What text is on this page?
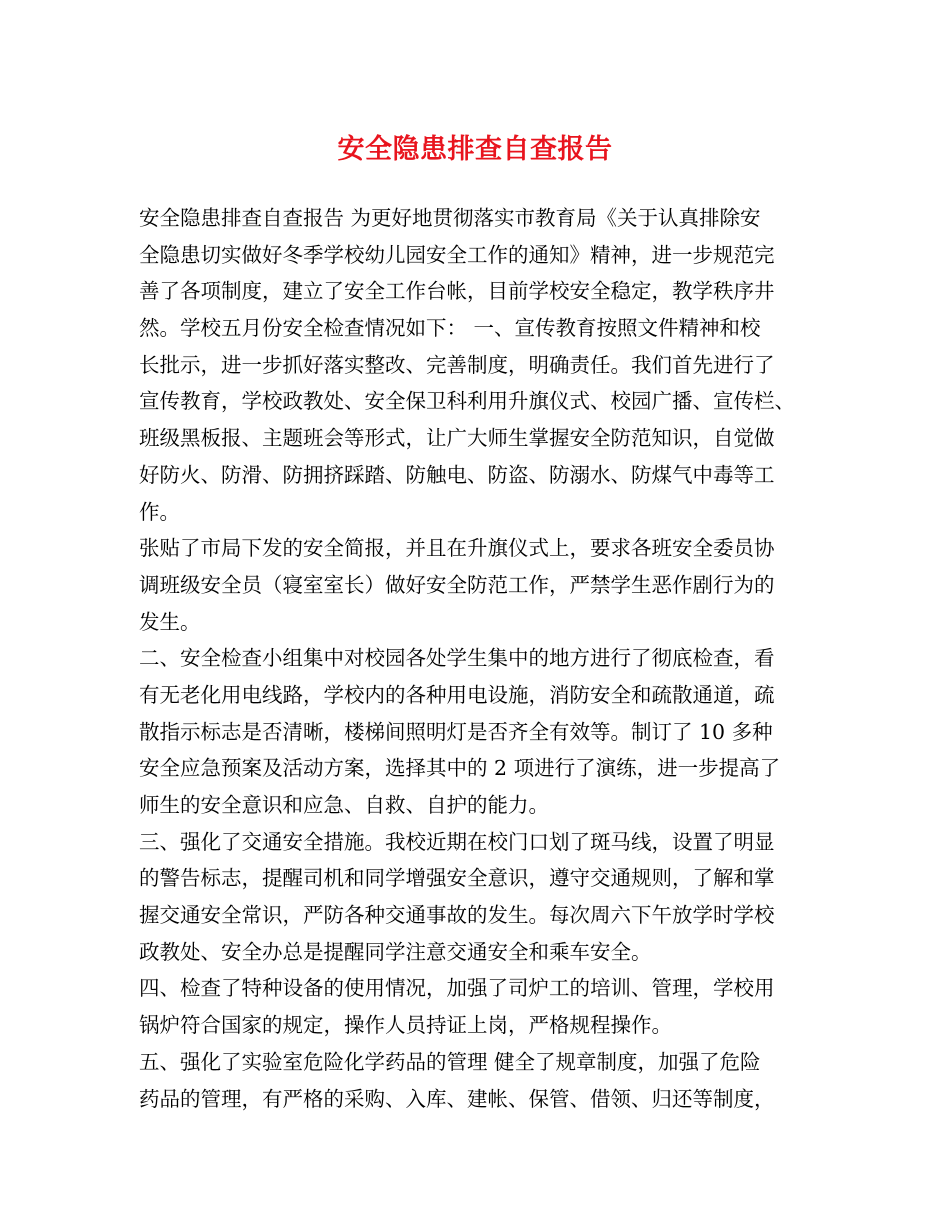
安全隐患排查自查报告
安全隐患排查自查报告 为更好地贯彻落实市教育局《关于认真排除安
全隐患切实做好冬季学校幼儿园安全工作的通知》精神，进一步规范完
善了各项制度，建立了安全工作台帐，目前学校安全稳定，教学秩序井
然。学校五月份安全检查情况如下： 一、宣传教育按照文件精神和校
长批示，进一步抓好落实整改、完善制度，明确责任。我们首先进行了
宣传教育，学校政教处、安全保卫科利用升旗仪式、校园广播、宣传栏、
班级黑板报、主题班会等形式，让广大师生掌握安全防范知识，自觉做
好防火、防滑、防拥挤踩踏、防触电、防盗、防溺水、防煤气中毒等工
作。
张贴了市局下发的安全简报，并且在升旗仪式上，要求各班安全委员协
调班级安全员（寝室室长）做好安全防范工作，严禁学生恶作剧行为的
发生。
二、安全检查小组集中对校园各处学生集中的地方进行了彻底检查，看
有无老化用电线路，学校内的各种用电设施，消防安全和疏散通道，疏
散指示标志是否清晰，楼梯间照明灯是否齐全有效等。制订了 10 多种
安全应急预案及活动方案，选择其中的 2 项进行了演练，进一步提高了
师生的安全意识和应急、自救、自护的能力。
三、强化了交通安全措施。我校近期在校门口划了斑马线，设置了明显
的警告标志，提醒司机和同学增强安全意识，遵守交通规则，了解和掌
握交通安全常识，严防各种交通事故的发生。每次周六下午放学时学校
政教处、安全办总是提醒同学注意交通安全和乘车安全。
四、检查了特种设备的使用情况，加强了司炉工的培训、管理，学校用
锅炉符合国家的规定，操作人员持证上岗，严格规程操作。
五、强化了实验室危险化学药品的管理 健全了规章制度，加强了危险
药品的管理，有严格的采购、入库、建帐、保管、借领、归还等制度，
